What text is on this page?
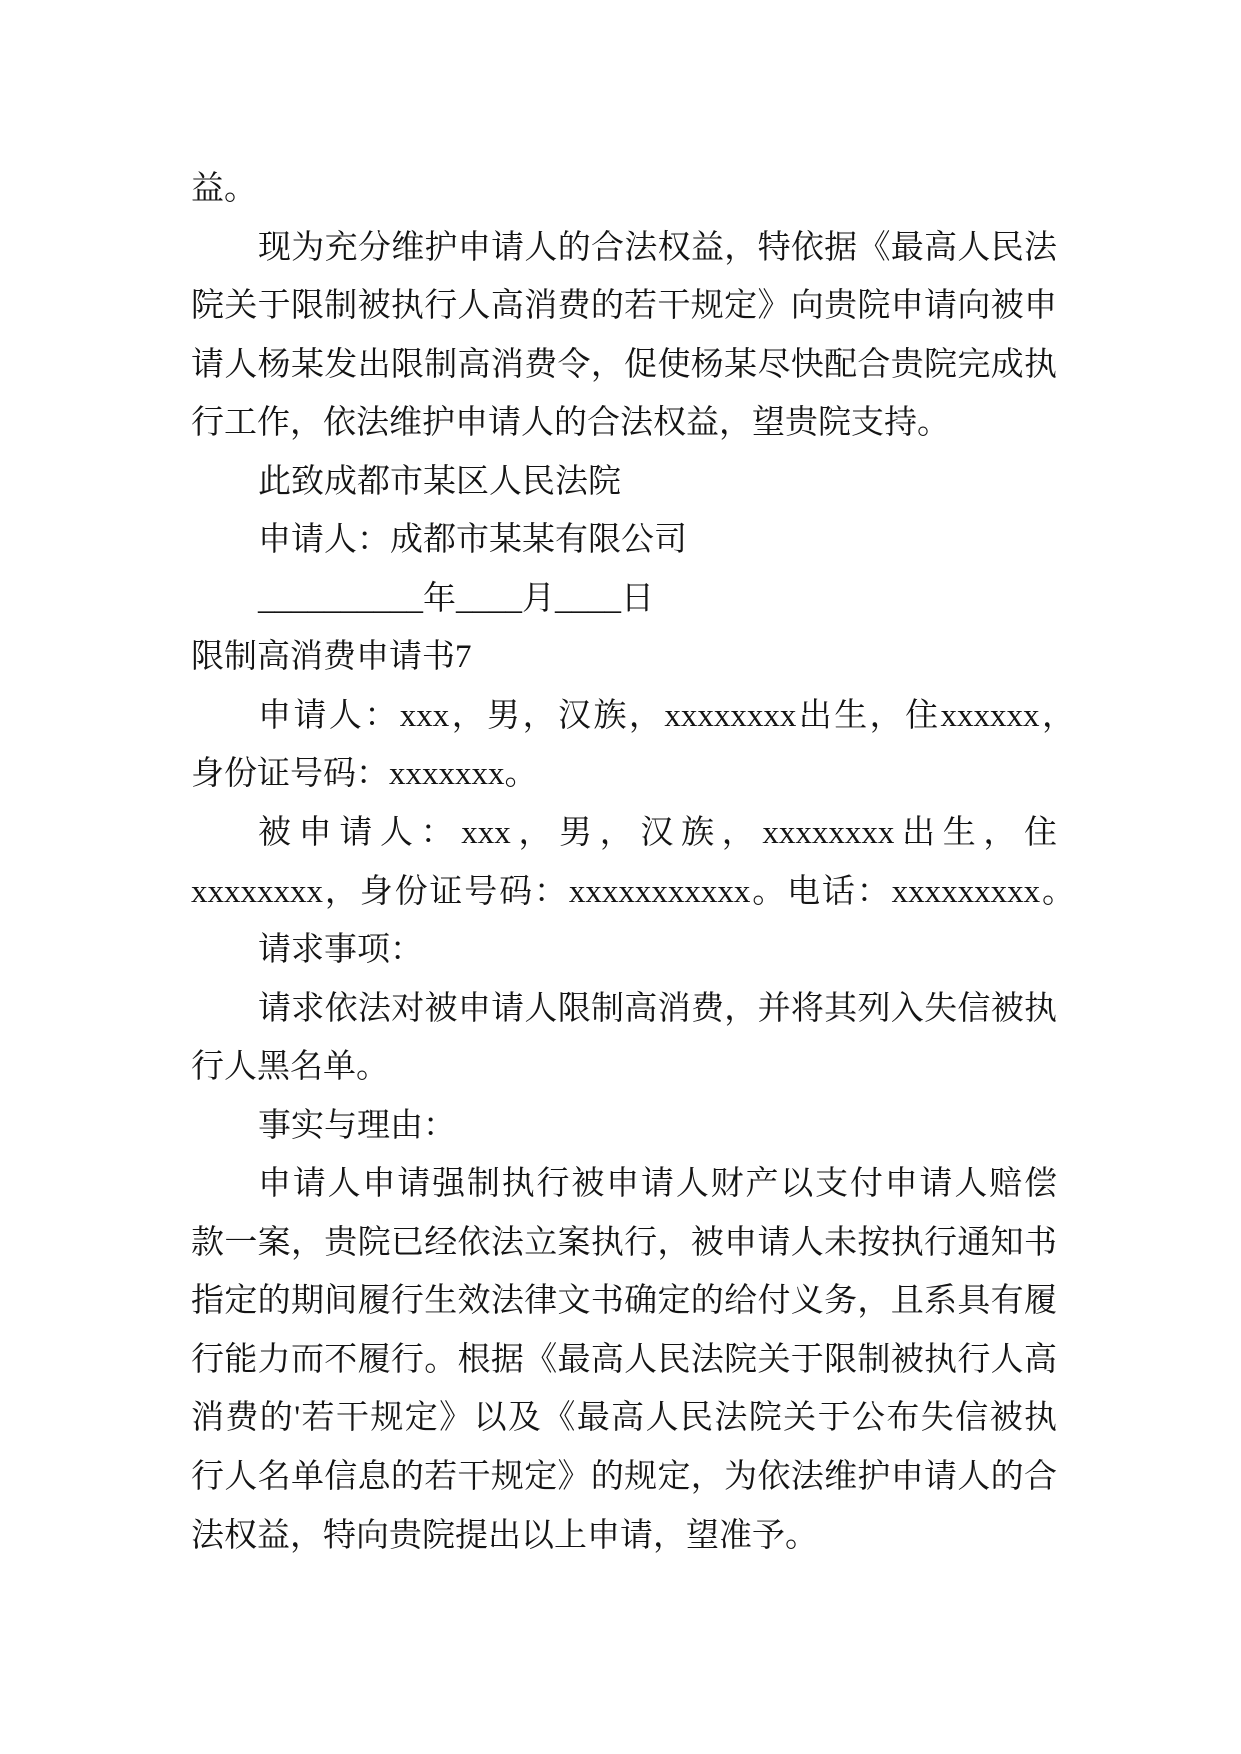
益。
现为充分维护申请人的合法权益，特依据《最高人民法
院关于限制被执行人高消费的若干规定》向贵院申请向被申
请人杨某发出限制高消费令，促使杨某尽快配合贵院完成执
行工作，依法维护申请人的合法权益，望贵院支持。
此致成都市某区人民法院
申请人：成都市某某有限公司
__________年____月____日
限制高消费申请书7
申请人：xxx，男，汉族，xxxxxxxx出生，住xxxxxx，
身份证号码：xxxxxxx。
被申请人：xxx，男，汉族，xxxxxxxx出生，住
xxxxxxxx，身份证号码：xxxxxxxxxxx。电话：xxxxxxxxx。
请求事项：
请求依法对被申请人限制高消费，并将其列入失信被执
行人黑名单。
事实与理由：
申请人申请强制执行被申请人财产以支付申请人赔偿
款一案，贵院已经依法立案执行，被申请人未按执行通知书
指定的期间履行生效法律文书确定的给付义务，且系具有履
行能力而不履行。根据《最高人民法院关于限制被执行人高
消费的'若干规定》以及《最高人民法院关于公布失信被执
行人名单信息的若干规定》的规定，为依法维护申请人的合
法权益，特向贵院提出以上申请，望准予。
